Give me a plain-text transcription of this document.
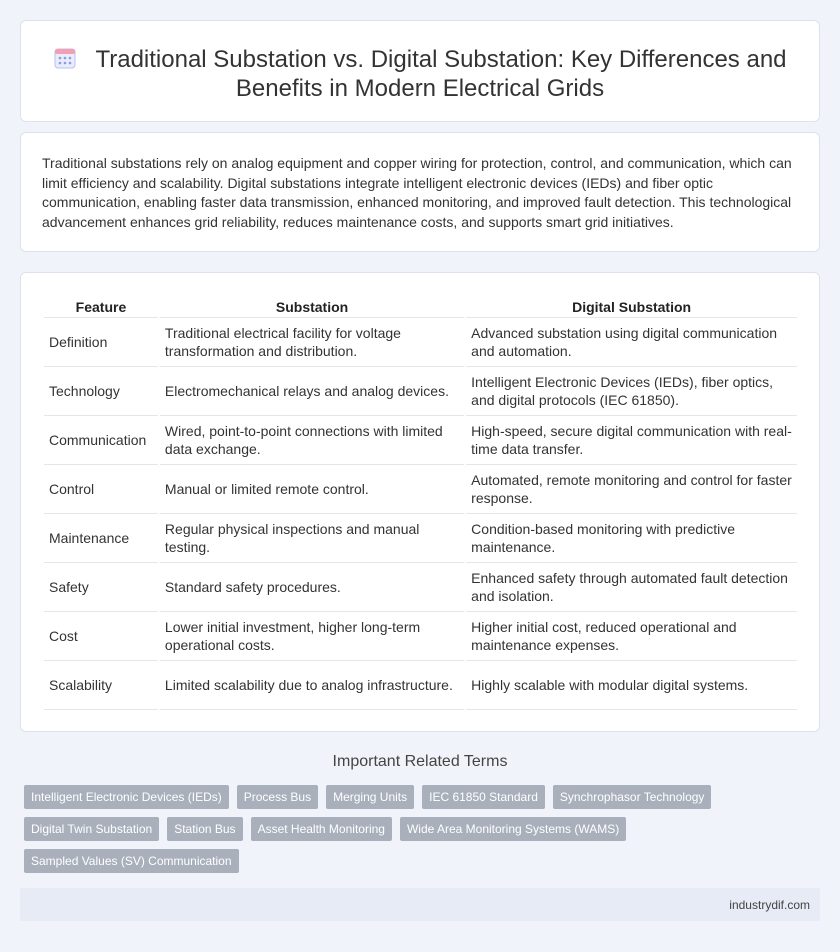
Traditional Substation vs. Digital Substation: Key Differences and Benefits in Modern Electrical Grids

Traditional substations rely on analog equipment and copper wiring for protection, control, and communication, which can limit efficiency and scalability. Digital substations integrate intelligent electronic devices (IEDs) and fiber optic communication, enabling faster data transmission, enhanced monitoring, and improved fault detection. This technological advancement enhances grid reliability, reduces maintenance costs, and supports smart grid initiatives.

Feature	Substation	Digital Substation
Definition	Traditional electrical facility for voltage transformation and distribution.	Advanced substation using digital communication and automation.
Technology	Electromechanical relays and analog devices.	Intelligent Electronic Devices (IEDs), fiber optics, and digital protocols (IEC 61850).
Communication	Wired, point-to-point connections with limited data exchange.	High-speed, secure digital communication with real-time data transfer.
Control	Manual or limited remote control.	Automated, remote monitoring and control for faster response.
Maintenance	Regular physical inspections and manual testing.	Condition-based monitoring with predictive maintenance.
Safety	Standard safety procedures.	Enhanced safety through automated fault detection and isolation.
Cost	Lower initial investment, higher long-term operational costs.	Higher initial cost, reduced operational and maintenance expenses.
Scalability	Limited scalability due to analog infrastructure.	Highly scalable with modular digital systems.
Important Related Terms
Intelligent Electronic Devices (IEDs)	Process Bus	Merging Units	IEC 61850 Standard	Synchrophasor Technology
Digital Twin Substation	Station Bus	Asset Health Monitoring	Wide Area Monitoring Systems (WAMS)
Sampled Values (SV) Communication
industrydif.com
